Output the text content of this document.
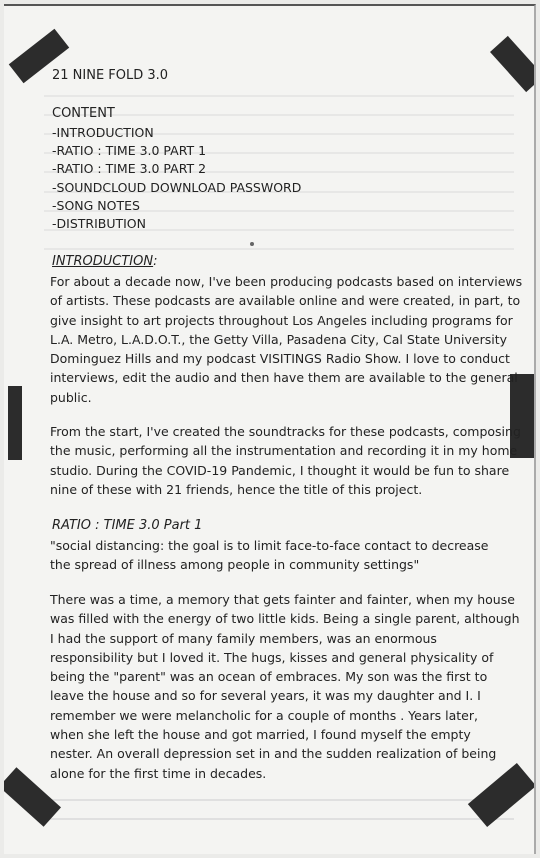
21 NINE FOLD 3.0
CONTENT
-INTRODUCTION
-RATIO : TIME 3.0 PART 1
-RATIO : TIME 3.0 PART 2
-SOUNDCLOUD DOWNLOAD PASSWORD
-SONG NOTES
-DISTRIBUTION
INTRODUCTION:
For about a decade now, I've been producing podcasts based on interviews
of artists. These podcasts are available online and were created, in part, to
give insight to art projects throughout Los Angeles including programs for
L.A. Metro, L.A.D.O.T., the Getty Villa, Pasadena City, Cal State University
Dominguez Hills and my podcast VISITINGS Radio Show. I love to conduct
interviews, edit the audio and then have them are available to the general
public.
From the start, I've created the soundtracks for these podcasts, composing
the music, performing all the instrumentation and recording it in my home
studio. During the COVID-19 Pandemic, I thought it would be fun to share
nine of these with 21 friends, hence the title of this project.
RATIO : TIME 3.0 Part 1
"social distancing: the goal is to limit face-to-face contact to decrease
the spread of illness among people in community settings"
There was a time, a memory that gets fainter and fainter, when my house
was filled with the energy of two little kids. Being a single parent, although
I had the support of many family members, was an enormous
responsibility but I loved it. The hugs, kisses and general physicality of
being the "parent" was an ocean of embraces. My son was the first to
leave the house and so for several years, it was my daughter and I. I
remember we were melancholic for a couple of months . Years later,
when she left the house and got married, I found myself the empty
nester. An overall depression set in and the sudden realization of being
alone for the first time in decades.
